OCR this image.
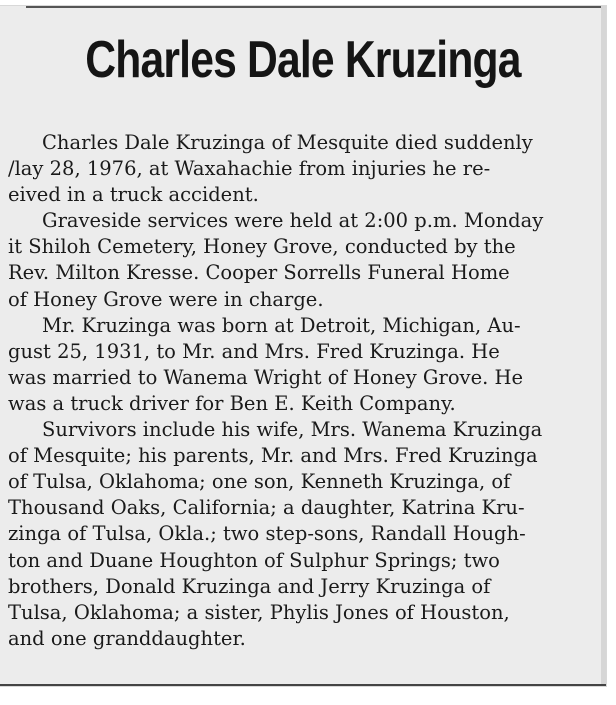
Charles Dale Kruzinga
Charles Dale Kruzinga of Mesquite died suddenly
/lay 28, 1976, at Waxahachie from injuries he re-
eived in a truck accident.
Graveside services were held at 2:00 p.m. Monday
it Shiloh Cemetery, Honey Grove, conducted by the
Rev. Milton Kresse. Cooper Sorrells Funeral Home
of Honey Grove were in charge.
Mr. Kruzinga was born at Detroit, Michigan, Au-
gust 25, 1931, to Mr. and Mrs. Fred Kruzinga. He
was married to Wanema Wright of Honey Grove. He
was a truck driver for Ben E. Keith Company.
Survivors include his wife, Mrs. Wanema Kruzinga
of Mesquite; his parents, Mr. and Mrs. Fred Kruzinga
of Tulsa, Oklahoma; one son, Kenneth Kruzinga, of
Thousand Oaks, California; a daughter, Katrina Kru-
zinga of Tulsa, Okla.; two step-sons, Randall Hough-
ton and Duane Houghton of Sulphur Springs; two
brothers, Donald Kruzinga and Jerry Kruzinga of
Tulsa, Oklahoma; a sister, Phylis Jones of Houston,
and one granddaughter.
